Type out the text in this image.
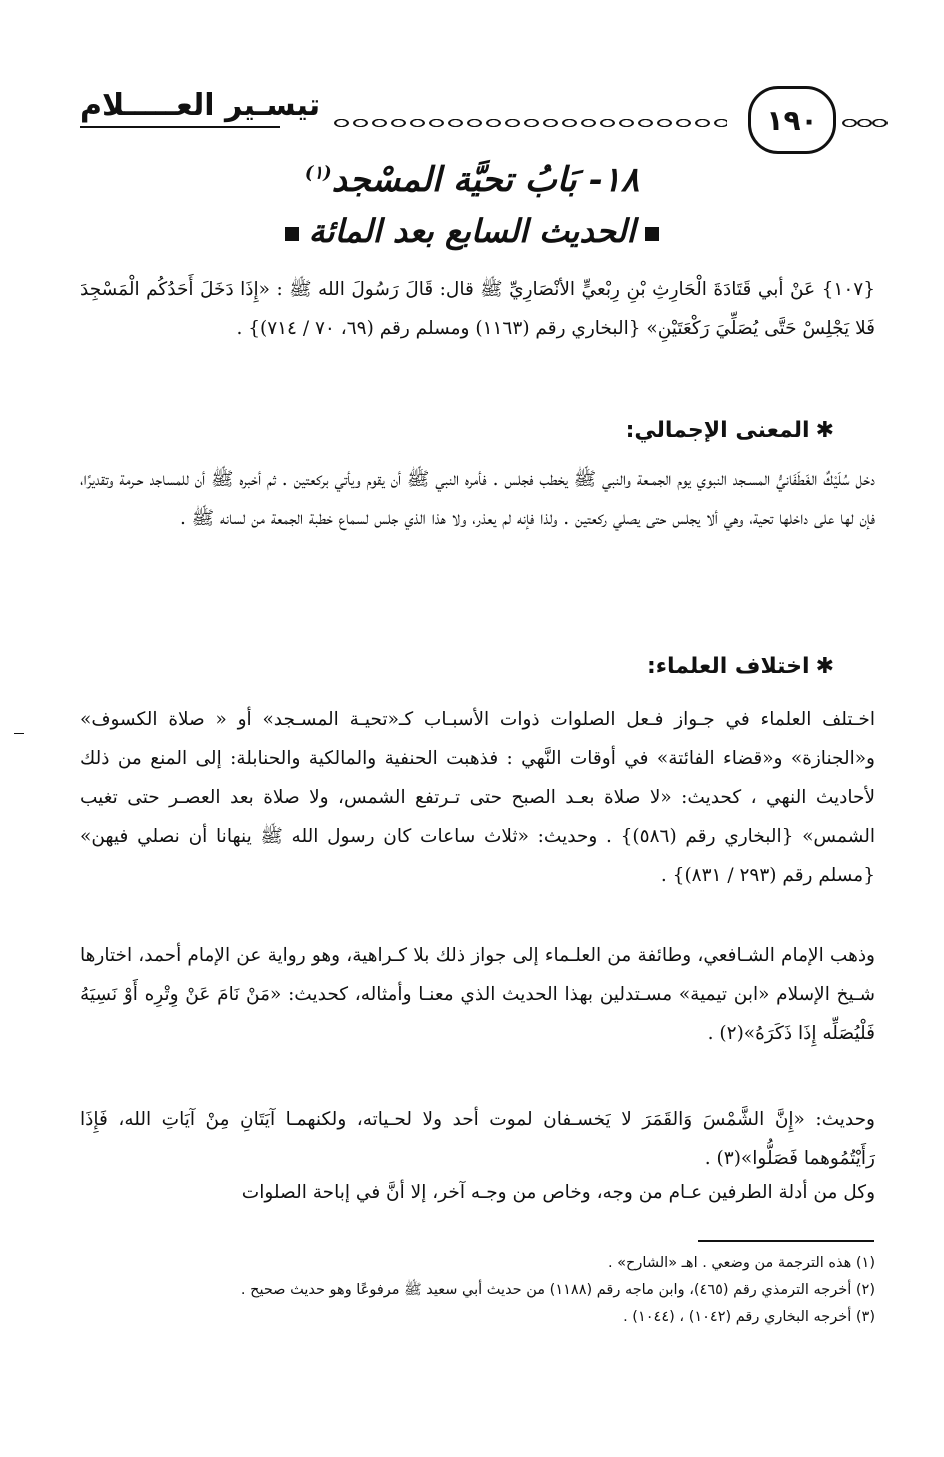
تيسـير العـــــلام	١٩٠
١٨- بَابُ تحيَّة المسْجد$^{(١)}$
الحديث السابع بعد المائة
{١٠٧} عَنْ أبي قَتَادَةَ الْحَارِثِ بْنِ رِبْعيٍّ الأنْصَارِيِّ ﷺ قال: قَالَ رَسُولَ الله ﷺ : «إِذَا دَخَلَ أَحَدُكُم الْمَسْجِدَ فَلا يَجْلِسْ حَتَّى يُصَلِّيَ رَكْعَتَيْنِ» {البخاري رقم (١١٦٣) ومسلم رقم (٦٩، ٧٠ / ٧١٤)} .
✱المعنى الإجمالي:
دخل سُلَيْكٌ الغَطَفَانيُّ المسـجد النبوي يوم الجمـعة والنبي ﷺ يخطب فجلس . فأمره النبي ﷺ أن يقوم ويأتي بركعتين . ثم أخبره ﷺ أن للمساجد حـرمة وتقديرًا، فإن لها على داخلها تحية، وهي ألا يجلس حتى يصلي ركعتين . ولذا فإنه لم يعذر، ولا هذا الذي جلس لسماع خطبة الجمعة من لسانه ﷺ .
✱اختلاف العلماء:
اخـتلف العلماء في جـواز فـعل الصلوات ذوات الأسبـاب كـ«تحيـة المسـجد» أو « صلاة الكسوف» و«الجنازة» و«قضاء الفائتة» في أوقات النَّهي : فذهبت الحنفية والمالكية والحنابلة: إلى المنع من ذلك لأحاديث النهي ، كحديث: «لا صلاة بعـد الصبح حتى تـرتفع الشمس، ولا صلاة بعد العصـر حتى تغيب الشمس» {البخاري رقم (٥٨٦)} . وحديث: «ثلاث ساعات كان رسول الله ﷺ ينهانا أن نصلي فيهن» {مسلم رقم (٢٩٣ / ٨٣١)} .
وذهب الإمام الشـافعي، وطائفة من العلـماء إلى جواز ذلك بلا كـراهية، وهو رواية عن الإمام أحمد، اختارها شـيخ الإسلام «ابن تيمية» مسـتدلين بهذا الحديث الذي معنـا وأمثاله، كحديث: «مَنْ نَامَ عَنْ وِتْرِه أَوْ نَسِيَهُ فَلْيُصَلِّه إِذَا ذَكَرَهُ»(٢) .
وحديث: «إِنَّ الشَّمْسَ وَالقَمَرَ لا يَخسـفان لموت أحد ولا لحـياته، ولكنهمـا آيَتَانِ مِنْ آيَاتِ الله، فَإِذَا رَأَيْتُمُوهما فَصَلُّوا»(٣) .
وكل من أدلة الطرفين عـام من وجه، وخاص من وجـه آخر، إلا أنَّ في إباحة الصلوات
(١) هذه الترجمة من وضعي . اهـ «الشارح» .
(٢) أخرجه الترمذي رقم (٤٦٥)، وابن ماجه رقم (١١٨٨) من حديث أبي سعيد ﷺ مرفوعًا وهو حديث صحيح .
(٣) أخرجه البخاري رقم (١٠٤٢) ، (١٠٤٤) .
